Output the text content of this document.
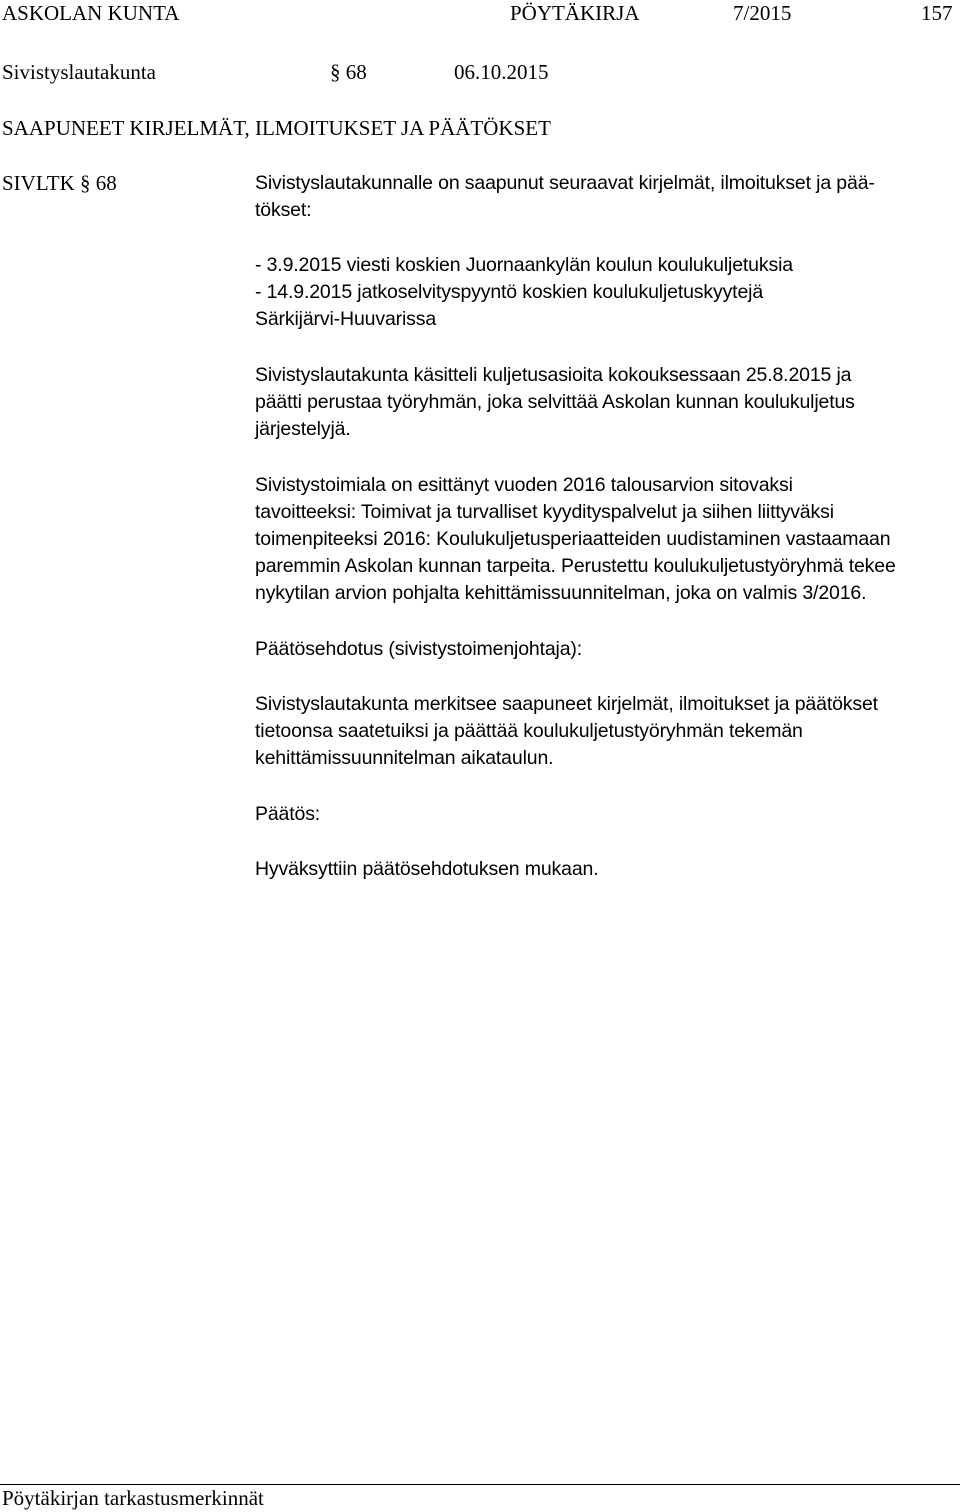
ASKOLAN KUNTA	PÖYTÄKIRJA	7/2015	157
Sivistyslautakunta	§ 68	06.10.2015
SAAPUNEET KIRJELMÄT, ILMOITUKSET JA PÄÄTÖKSET
SIVLTK § 68	Sivistyslautakunnalle on saapunut seuraavat kirjelmät, ilmoitukset ja pää-
tökset:
- 3.9.2015 viesti koskien Juornaankylän koulun koulukuljetuksia
- 14.9.2015 jatkoselvityspyyntö koskien koulukuljetuskyytejä
Särkijärvi-Huuvarissa
Sivistyslautakunta käsitteli kuljetusasioita kokouksessaan 25.8.2015 ja
päätti perustaa työryhmän, joka selvittää Askolan kunnan koulukuljetus
järjestelyjä.
Sivistystoimiala on esittänyt vuoden 2016 talousarvion sitovaksi
tavoitteeksi: Toimivat ja turvalliset kyydityspalvelut ja siihen liittyväksi
toimenpiteeksi 2016: Koulukuljetusperiaatteiden uudistaminen vastaamaan
paremmin Askolan kunnan tarpeita. Perustettu koulukuljetustyöryhmä tekee
nykytilan arvion pohjalta kehittämissuunnitelman, joka on valmis 3/2016.
Päätösehdotus (sivistystoimenjohtaja):
Sivistyslautakunta merkitsee saapuneet kirjelmät, ilmoitukset ja päätökset
tietoonsa saatetuiksi ja päättää koulukuljetustyöryhmän tekemän
kehittämissuunnitelman aikataulun.
Päätös:
Hyväksyttiin päätösehdotuksen mukaan.
Pöytäkirjan tarkastusmerkinnät
